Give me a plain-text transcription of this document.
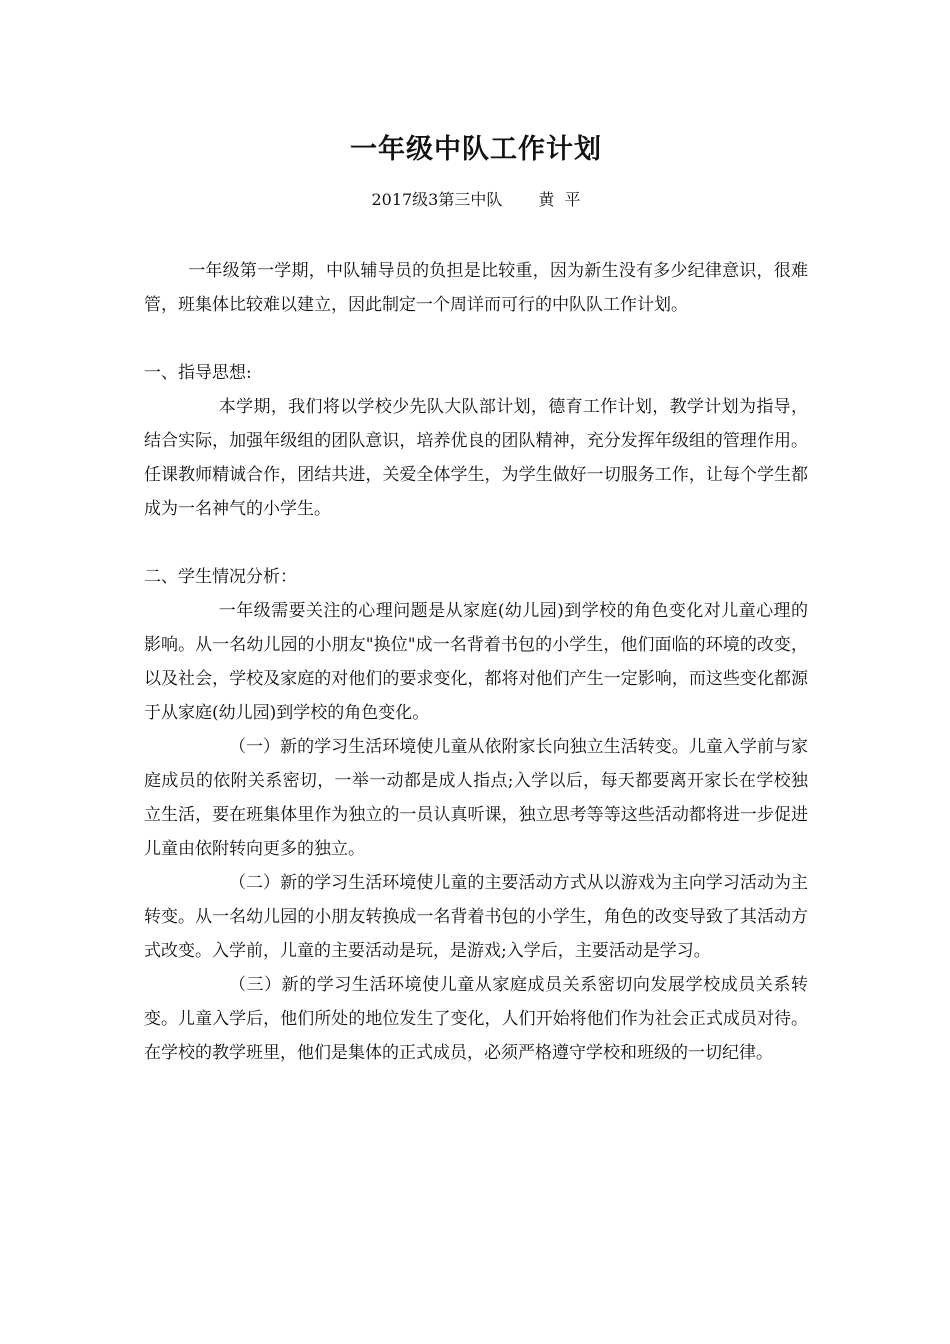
一年级中队工作计划
2017级3第三中队 黄  平

一年级第一学期，中队辅导员的负担是比较重，因为新生没有多少纪律意识，很难管，班集体比较难以建立，因此制定一个周详而可行的中队队工作计划。

一、指导思想:

本学期，我们将以学校少先队大队部计划，德育工作计划，教学计划为指导，结合实际，加强年级组的团队意识，培养优良的团队精神，充分发挥年级组的管理作用。任课教师精诚合作，团结共进，关爱全体学生，为学生做好一切服务工作，让每个学生都成为一名神气的小学生。

二、学生情况分析：

一年级需要关注的心理问题是从家庭(幼儿园)到学校的角色变化对儿童心理的影响。从一名幼儿园的小朋友"换位"成一名背着书包的小学生，他们面临的环境的改变，以及社会，学校及家庭的对他们的要求变化，都将对他们产生一定影响，而这些变化都源于从家庭(幼儿园)到学校的角色变化。

（一）新的学习生活环境使儿童从依附家长向独立生活转变。儿童入学前与家庭成员的依附关系密切，一举一动都是成人指点;入学以后，每天都要离开家长在学校独立生活，要在班集体里作为独立的一员认真听课，独立思考等等这些活动都将进一步促进儿童由依附转向更多的独立。

（二）新的学习生活环境使儿童的主要活动方式从以游戏为主向学习活动为主转变。从一名幼儿园的小朋友转换成一名背着书包的小学生，角色的改变导致了其活动方式改变。入学前，儿童的主要活动是玩，是游戏;入学后，主要活动是学习。

（三）新的学习生活环境使儿童从家庭成员关系密切向发展学校成员关系转变。儿童入学后，他们所处的地位发生了变化，人们开始将他们作为社会正式成员对待。在学校的教学班里，他们是集体的正式成员，必须严格遵守学校和班级的一切纪律。
